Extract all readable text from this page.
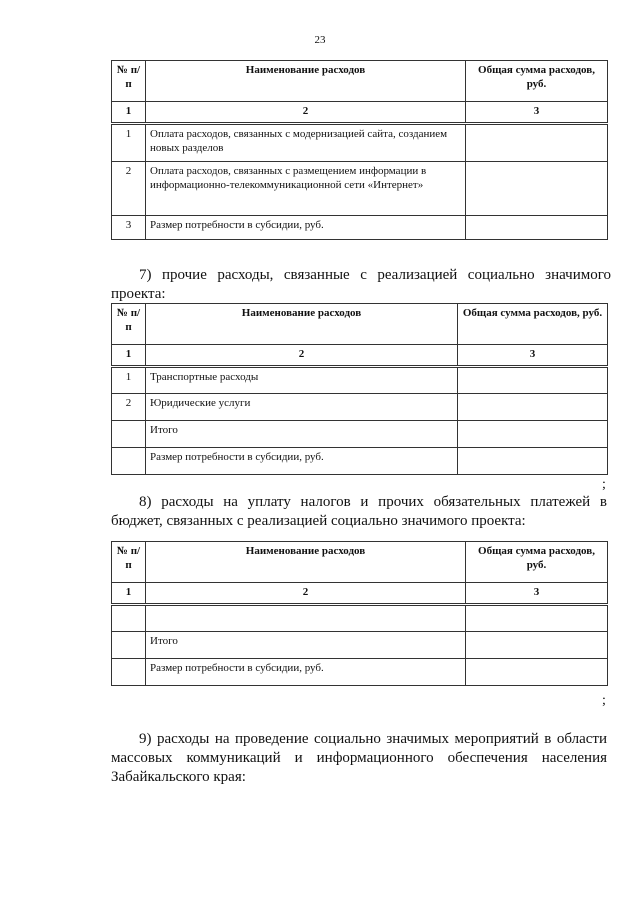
23
№ п/п	Наименование расходов	Общая сумма расходов, руб.
1	2	3
1	Оплата расходов, связанных с модернизацией сайта, созданием новых разделов	
2	Оплата расходов, связанных с размещением информации в информационно-телекоммуникационной сети «Интернет»	
3	Размер потребности в субсидии, руб.	
7) прочие расходы, связанные с реализацией социально значимого проекта:
№ п/п	Наименование расходов	Общая сумма расходов, руб.
1	2	3
1	Транспортные расходы	
2	Юридические услуги	
	Итого	
	Размер потребности в субсидии, руб.	
;
8) расходы на уплату налогов и прочих обязательных платежей в бюджет, связанных с реализацией социально значимого проекта:
№ п/п	Наименование расходов	Общая сумма расходов, руб.
1	2	3

	Итого	
	Размер потребности в субсидии, руб.	
;
9) расходы на проведение социально значимых мероприятий в области массовых коммуникаций и информационного обеспечения населения Забайкальского края:
